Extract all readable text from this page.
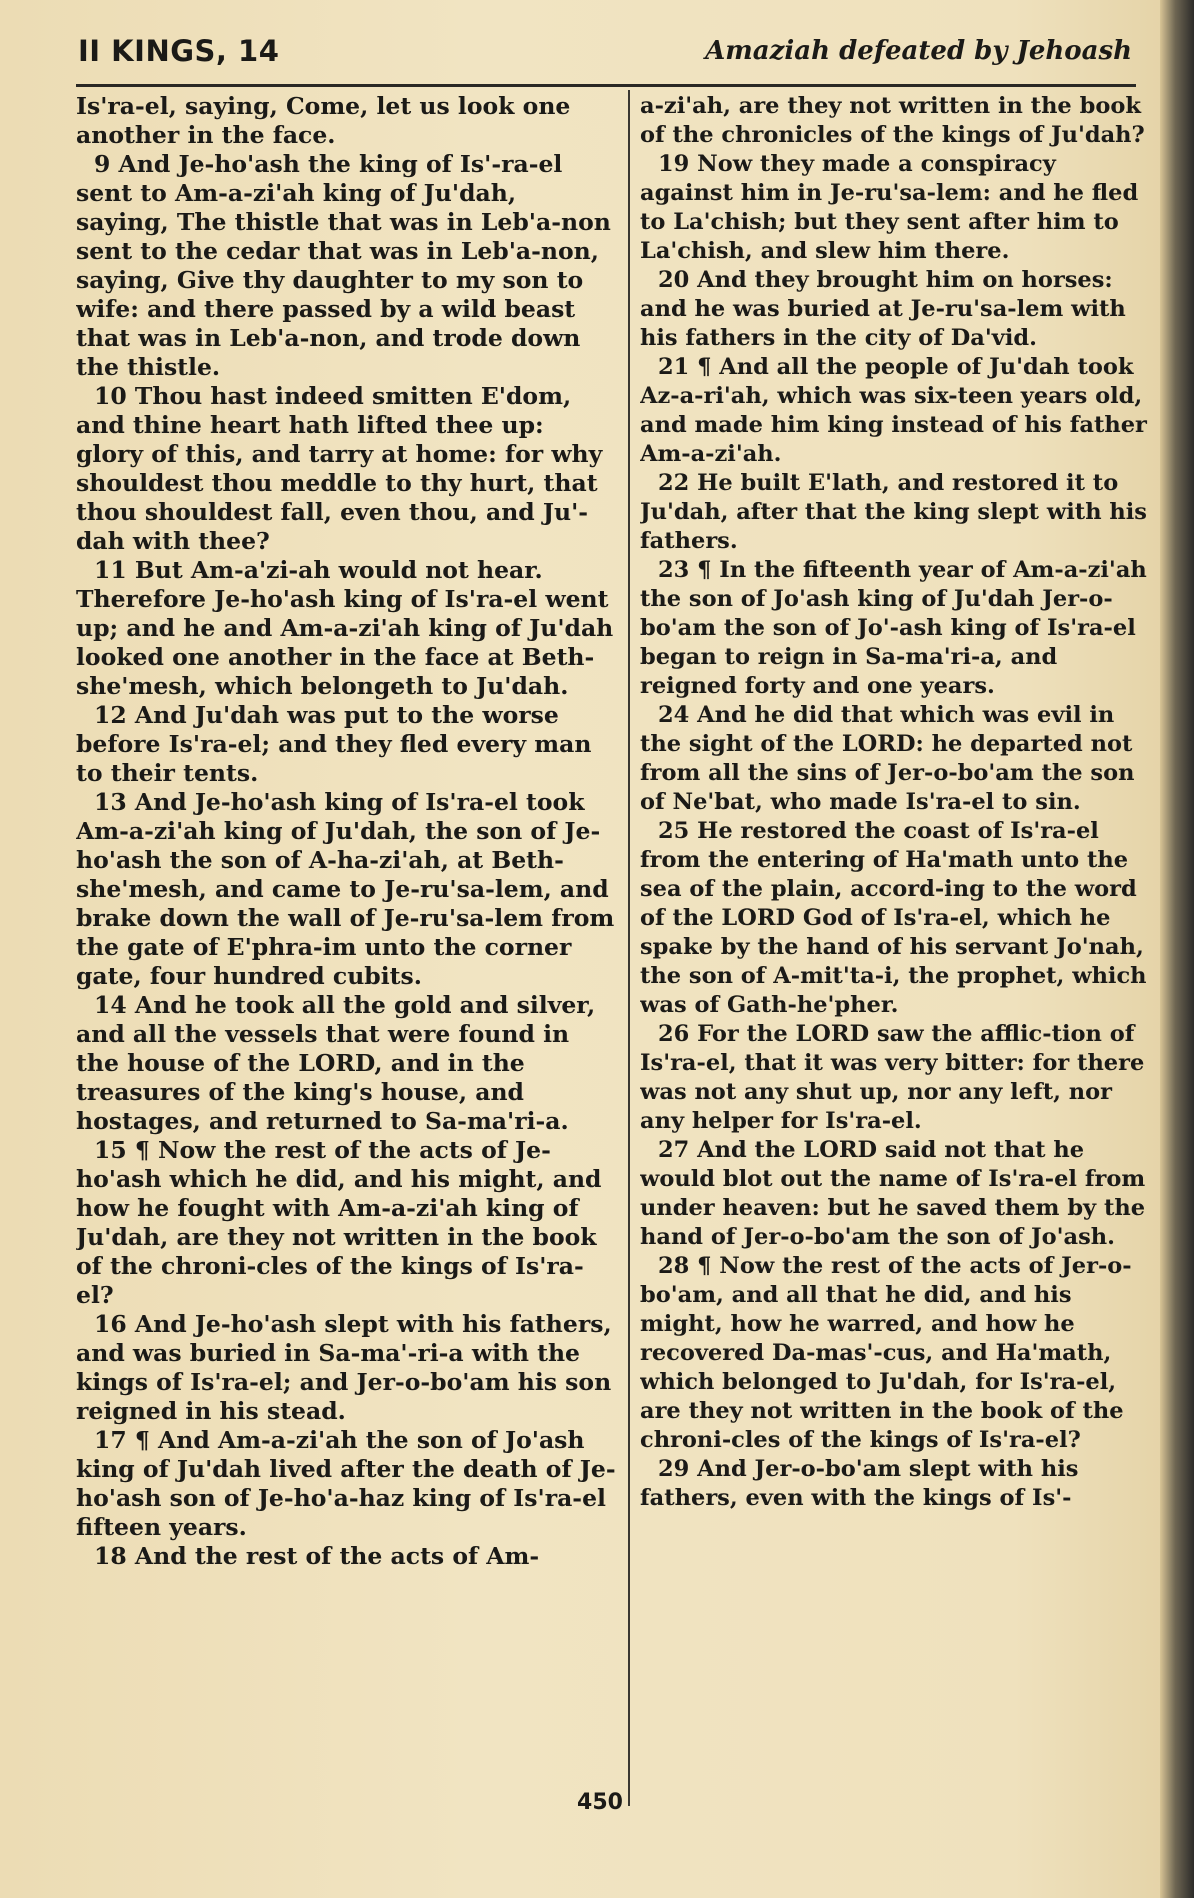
II KINGS, 14	Amaziah defeated by Jehoash

Is'ra-el, saying, Come, let us look one another in the face.

9 And Je-ho'ash the king of Is'-ra-el sent to Am-a-zi'ah king of Ju'dah, saying, The thistle that was in Leb'a-non sent to the cedar that was in Leb'a-non, saying, Give thy daughter to my son to wife: and there passed by a wild beast that was in Leb'a-non, and trode down the thistle.

10 Thou hast indeed smitten E'dom, and thine heart hath lifted thee up: glory of this, and tarry at home: for why shouldest thou meddle to thy hurt, that thou shouldest fall, even thou, and Ju'-dah with thee?

11 But Am-a'zi-ah would not hear. Therefore Je-ho'ash king of Is'ra-el went up; and he and Am-a-zi'ah king of Ju'dah looked one another in the face at Beth-she'mesh, which belongeth to Ju'dah.

12 And Ju'dah was put to the worse before Is'ra-el; and they fled every man to their tents.

13 And Je-ho'ash king of Is'ra-el took Am-a-zi'ah king of Ju'dah, the son of Je-ho'ash the son of A-ha-zi'ah, at Beth-she'mesh, and came to Je-ru'sa-lem, and brake down the wall of Je-ru'sa-lem from the gate of E'phra-im unto the corner gate, four hundred cubits.

14 And he took all the gold and silver, and all the vessels that were found in the house of the LORD, and in the treasures of the king's house, and hostages, and returned to Sa-ma'ri-a.

15 ¶ Now the rest of the acts of Je-ho'ash which he did, and his might, and how he fought with Am-a-zi'ah king of Ju'dah, are they not written in the book of the chroni-cles of the kings of Is'ra-el?

16 And Je-ho'ash slept with his fathers, and was buried in Sa-ma'-ri-a with the kings of Is'ra-el; and Jer-o-bo'am his son reigned in his stead.

17 ¶ And Am-a-zi'ah the son of Jo'ash king of Ju'dah lived after the death of Je-ho'ash son of Je-ho'a-haz king of Is'ra-el fifteen years.

18 And the rest of the acts of Am-

a-zi'ah, are they not written in the book of the chronicles of the kings of Ju'dah?

19 Now they made a conspiracy against him in Je-ru'sa-lem: and he fled to La'chish; but they sent after him to La'chish, and slew him there.

20 And they brought him on horses: and he was buried at Je-ru'sa-lem with his fathers in the city of Da'vid.

21 ¶ And all the people of Ju'dah took Az-a-ri'ah, which was six-teen years old, and made him king instead of his father Am-a-zi'ah.

22 He built E'lath, and restored it to Ju'dah, after that the king slept with his fathers.

23 ¶ In the fifteenth year of Am-a-zi'ah the son of Jo'ash king of Ju'dah Jer-o-bo'am the son of Jo'-ash king of Is'ra-el began to reign in Sa-ma'ri-a, and reigned forty and one years.

24 And he did that which was evil in the sight of the LORD: he departed not from all the sins of Jer-o-bo'am the son of Ne'bat, who made Is'ra-el to sin.

25 He restored the coast of Is'ra-el from the entering of Ha'math unto the sea of the plain, accord-ing to the word of the LORD God of Is'ra-el, which he spake by the hand of his servant Jo'nah, the son of A-mit'ta-i, the prophet, which was of Gath-he'pher.

26 For the LORD saw the afflic-tion of Is'ra-el, that it was very bitter: for there was not any shut up, nor any left, nor any helper for Is'ra-el.

27 And the LORD said not that he would blot out the name of Is'ra-el from under heaven: but he saved them by the hand of Jer-o-bo'am the son of Jo'ash.

28 ¶ Now the rest of the acts of Jer-o-bo'am, and all that he did, and his might, how he warred, and how he recovered Da-mas'-cus, and Ha'math, which belonged to Ju'dah, for Is'ra-el, are they not written in the book of the chroni-cles of the kings of Is'ra-el?

29 And Jer-o-bo'am slept with his fathers, even with the kings of Is'-

450
